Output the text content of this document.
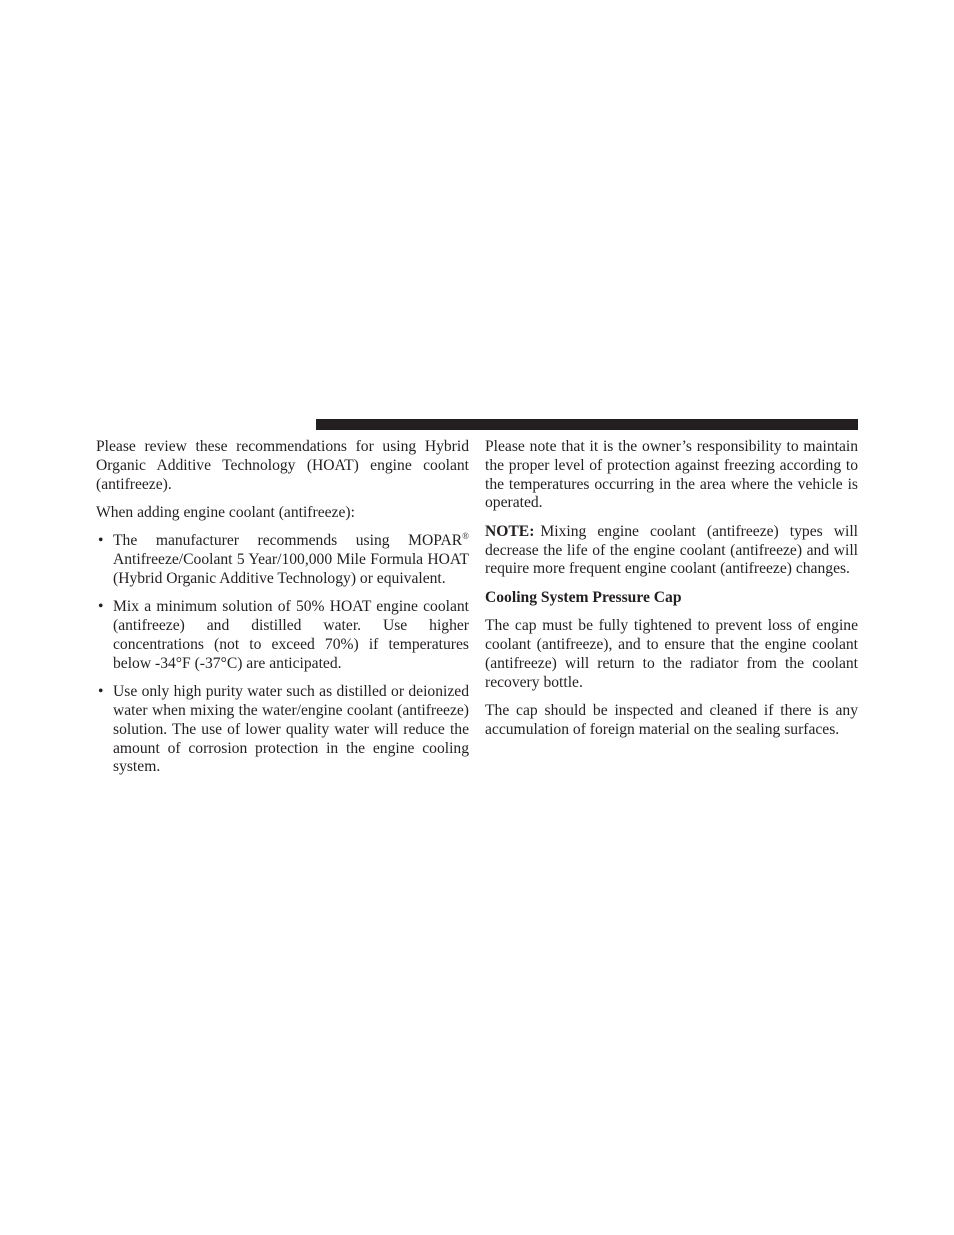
Please review these recommendations for using Hybrid Organic Additive Technology (HOAT) engine coolant (antifreeze).

When adding engine coolant (antifreeze):

• The manufacturer recommends using MOPAR® Antifreeze/Coolant 5 Year/100,000 Mile Formula HOAT (Hybrid Organic Additive Technology) or equivalent.
• Mix a minimum solution of 50% HOAT engine coolant (antifreeze) and distilled water. Use higher concentrations (not to exceed 70%) if temperatures below -34°F (-37°C) are anticipated.
• Use only high purity water such as distilled or deionized water when mixing the water/engine coolant (antifreeze) solution. The use of lower quality water will reduce the amount of corrosion protection in the engine cooling system.

Please note that it is the owner’s responsibility to maintain the proper level of protection against freezing according to the temperatures occurring in the area where the vehicle is operated.

NOTE: Mixing engine coolant (antifreeze) types will decrease the life of the engine coolant (antifreeze) and will require more frequent engine coolant (antifreeze) changes.

Cooling System Pressure Cap

The cap must be fully tightened to prevent loss of engine coolant (antifreeze), and to ensure that the engine coolant (antifreeze) will return to the radiator from the coolant recovery bottle.

The cap should be inspected and cleaned if there is any accumulation of foreign material on the sealing surfaces.
